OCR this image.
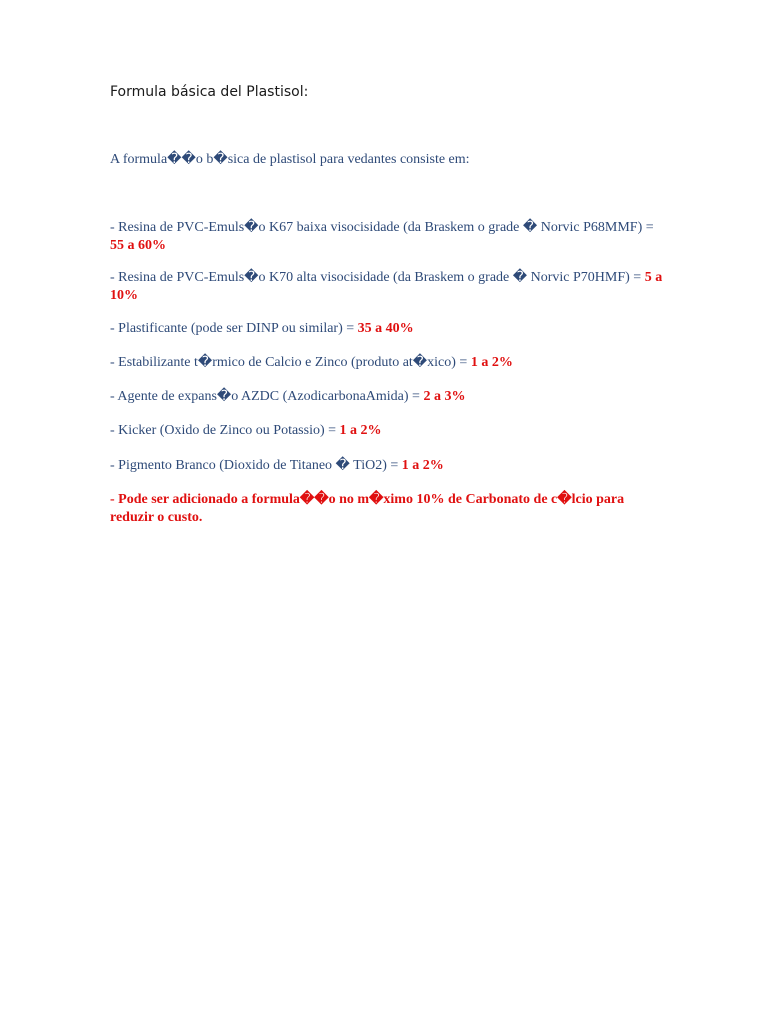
Formula básica del Plastisol:
A formula��o b�sica de plastisol para vedantes consiste em:
- Resina de PVC-Emuls�o K67 baixa visocisidade (da Braskem o grade � Norvic P68MMF) = 55 a 60%
- Resina de PVC-Emuls�o K70 alta visocisidade (da Braskem o grade � Norvic P70HMF) = 5 a 10%
- Plastificante (pode ser DINP ou similar) = 35 a 40%
- Estabilizante t�rmico de Calcio e Zinco (produto at�xico) = 1 a 2%
- Agente de expans�o AZDC (AzodicarbonaAmida) = 2 a 3%
- Kicker (Oxido de Zinco ou Potassio) = 1 a 2%
- Pigmento Branco (Dioxido de Titaneo � TiO2) = 1 a 2%
- Pode ser adicionado a formula��o no m�ximo 10% de Carbonato de c�lcio para reduzir o custo.
